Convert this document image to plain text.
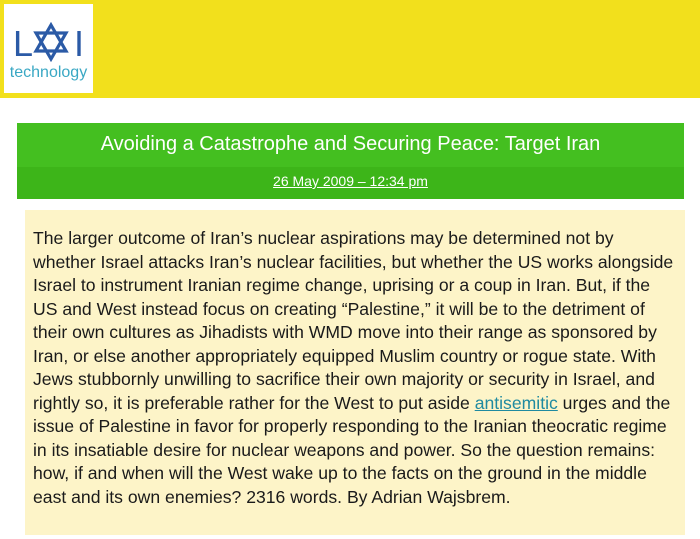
L I
technology
Avoiding a Catastrophe and Securing Peace: Target Iran
26 May 2009 – 12:34 pm

The larger outcome of Iran’s nuclear aspirations may be determined not by whether Israel attacks Iran’s nuclear facilities, but whether the US works alongside Israel to instrument Iranian regime change, uprising or a coup in Iran. But, if the US and West instead focus on creating “Palestine,” it will be to the detriment of their own cultures as Jihadists with WMD move into their range as sponsored by Iran, or else another appropriately equipped Muslim country or rogue state. With Jews stubbornly unwilling to sacrifice their own majority or security in Israel, and rightly so, it is preferable rather for the West to put aside antisemitic urges and the issue of Palestine in favor for properly responding to the Iranian theocratic regime in its insatiable desire for nuclear weapons and power. So the question remains: how, if and when will the West wake up to the facts on the ground in the middle east and its own enemies? 2316 words. By Adrian Wajsbrem.
